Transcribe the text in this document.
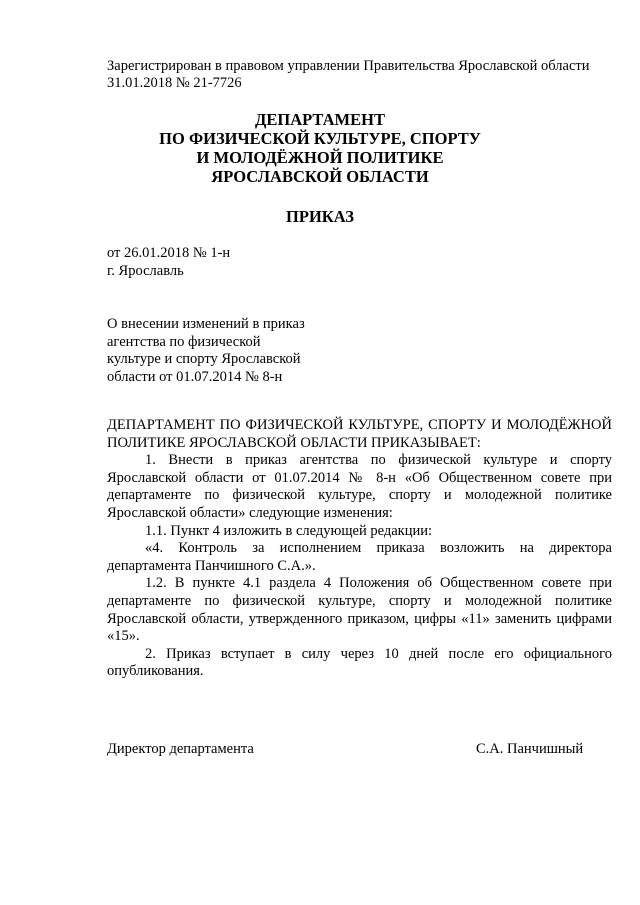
Зарегистрирован в правовом управлении Правительства Ярославской области
31.01.2018 № 21-7726
ДЕПАРТАМЕНТ
ПО ФИЗИЧЕСКОЙ КУЛЬТУРЕ, СПОРТУ
И МОЛОДЁЖНОЙ ПОЛИТИКЕ
ЯРОСЛАВСКОЙ ОБЛАСТИ
ПРИКАЗ
от 26.01.2018 № 1-н
г. Ярославль
О внесении изменений в приказ
агентства по физической
культуре и спорту Ярославской
области от 01.07.2014 № 8-н

ДЕПАРТАМЕНТ ПО ФИЗИЧЕСКОЙ КУЛЬТУРЕ, СПОРТУ И МОЛОДЁЖНОЙ ПОЛИТИКЕ ЯРОСЛАВСКОЙ ОБЛАСТИ ПРИКАЗЫВАЕТ:

1. Внести в приказ агентства по физической культуре и спорту Ярославской области от 01.07.2014 № 8-н «Об Общественном совете при департаменте по физической культуре, спорту и молодежной политике Ярославской области» следующие изменения:

1.1. Пункт 4 изложить в следующей редакции:

«4. Контроль за исполнением приказа возложить на директора департамента Панчишного С.А.».

1.2. В пункте 4.1 раздела 4 Положения об Общественном совете при департаменте по физической культуре, спорту и молодежной политике Ярославской области, утвержденного приказом, цифры «11» заменить цифрами «15».

2. Приказ вступает в силу через 10 дней после его официального опубликования.

Директор департамента	С.А. Панчишный
